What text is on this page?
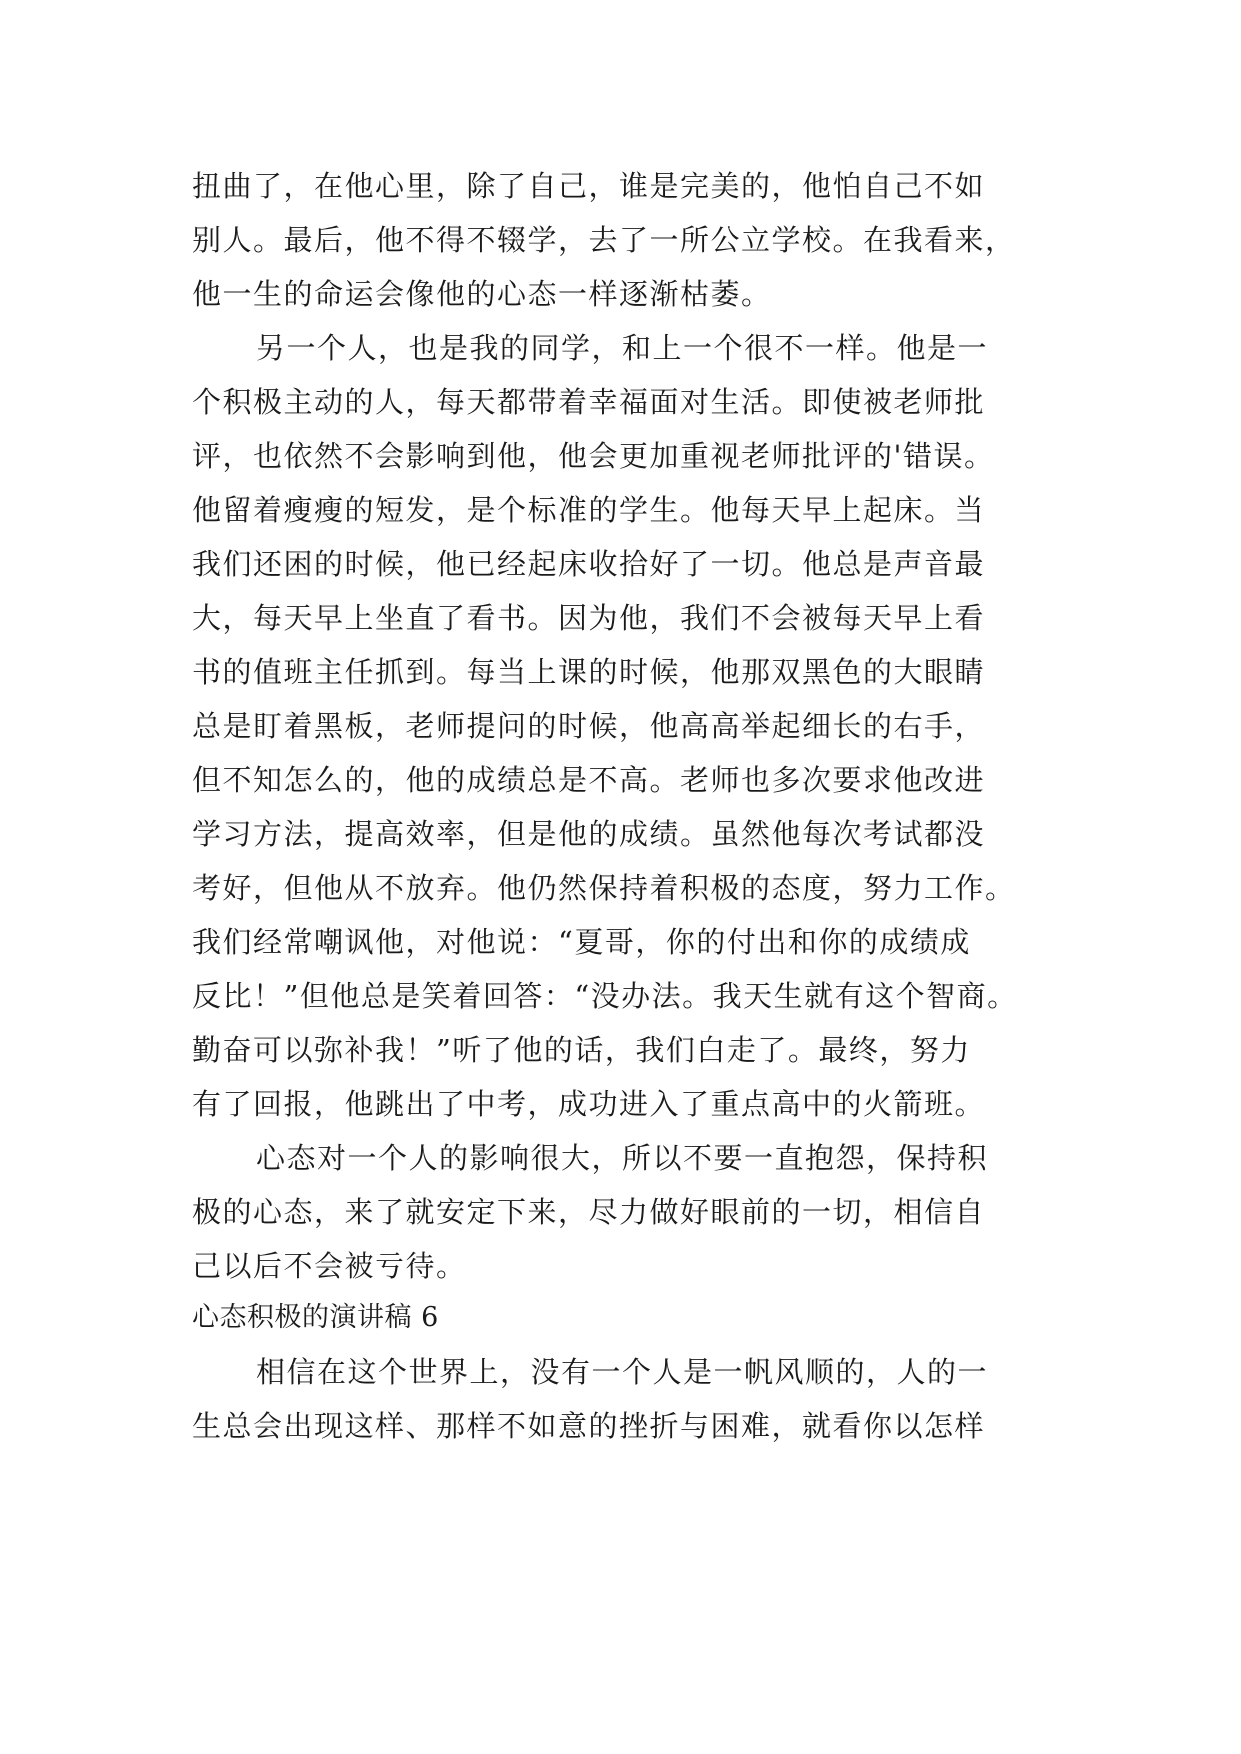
扭曲了，在他心里，除了自己，谁是完美的，他怕自己不如
别人。最后，他不得不辍学，去了一所公立学校。在我看来，
他一生的命运会像他的心态一样逐渐枯萎。
另一个人，也是我的同学，和上一个很不一样。他是一
个积极主动的人，每天都带着幸福面对生活。即使被老师批
评，也依然不会影响到他，他会更加重视老师批评的'错误。
他留着瘦瘦的短发，是个标准的学生。他每天早上起床。当
我们还困的时候，他已经起床收拾好了一切。他总是声音最
大，每天早上坐直了看书。因为他，我们不会被每天早上看
书的值班主任抓到。每当上课的时候，他那双黑色的大眼睛
总是盯着黑板，老师提问的时候，他高高举起细长的右手，
但不知怎么的，他的成绩总是不高。老师也多次要求他改进
学习方法，提高效率，但是他的成绩。虽然他每次考试都没
考好，但他从不放弃。他仍然保持着积极的态度，努力工作。
我们经常嘲讽他，对他说：“夏哥，你的付出和你的成绩成
反比！”但他总是笑着回答：“没办法。我天生就有这个智商。
勤奋可以弥补我！”听了他的话，我们白走了。最终，努力
有了回报，他跳出了中考，成功进入了重点高中的火箭班。
心态对一个人的影响很大，所以不要一直抱怨，保持积
极的心态，来了就安定下来，尽力做好眼前的一切，相信自
己以后不会被亏待。
心态积极的演讲稿 6
相信在这个世界上，没有一个人是一帆风顺的，人的一
生总会出现这样、那样不如意的挫折与困难，就看你以怎样
